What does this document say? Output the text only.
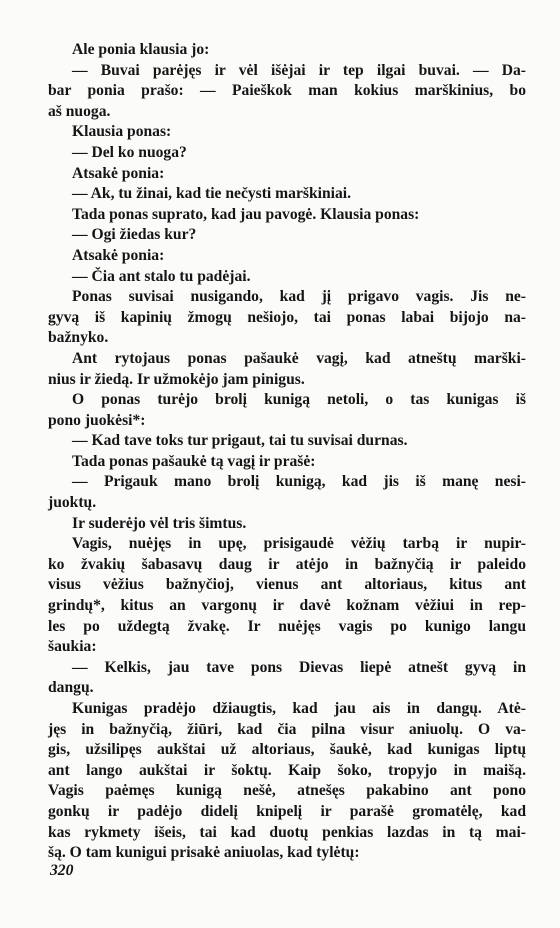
Ale ponia klausia jo:
— Buvai parėjęs ir vėl išėjai ir tep ilgai buvai. — Da-
bar ponia prašo: — Paieškok man kokius marškinius, bo
aš nuoga.
Klausia ponas:
— Del ko nuoga?
Atsakė ponia:
— Ak, tu žinai, kad tie nečysti marškiniai.
Tada ponas suprato, kad jau pavogė. Klausia ponas:
— Ogi žiedas kur?
Atsakė ponia:
— Čia ant stalo tu padėjai.
Ponas suvisai nusigando, kad jį prigavo vagis. Jis ne-
gyvą iš kapinių žmogų nešiojo, tai ponas labai bijojo na-
bažnyko.
Ant rytojaus ponas pašaukė vagį, kad atneštų marški-
nius ir žiedą. Ir užmokėjo jam pinigus.
O ponas turėjo brolį kunigą netoli, o tas kunigas iš
pono juokėsi*:
— Kad tave toks tur prigaut, tai tu suvisai durnas.
Tada ponas pašaukė tą vagį ir prašė:
— Prigauk mano brolį kunigą, kad jis iš manę nesi-
juoktų.
Ir suderėjo vėl tris šimtus.
Vagis, nuėjęs in upę, prisigaudė vėžių tarbą ir nupir-
ko žvakių šabasavų daug ir atėjo in bažnyčią ir paleido
visus vėžius bažnyčioj, vienus ant altoriaus, kitus ant
grindų*, kitus an vargonų ir davė kožnam vėžiui in rep-
les po uždegtą žvakę. Ir nuėjęs vagis po kunigo langu
šaukia:
— Kelkis, jau tave pons Dievas liepė atnešt gyvą in
dangų.
Kunigas pradėjo džiaugtis, kad jau ais in dangų. Atė-
jęs in bažnyčią, žiūri, kad čia pilna visur aniuolų. O va-
gis, užsilipęs aukštai už altoriaus, šaukė, kad kunigas liptų
ant lango aukštai ir šoktų. Kaip šoko, tropyjo in maišą.
Vagis paėmęs kunigą nešė, atnešęs pakabino ant pono
gonkų ir padėjo didelį knipelį ir parašė gromatėlę, kad
kas rykmety išeis, tai kad duotų penkias lazdas in tą mai-
šą. O tam kunigui prisakė aniuolas, kad tylėtų:
320
